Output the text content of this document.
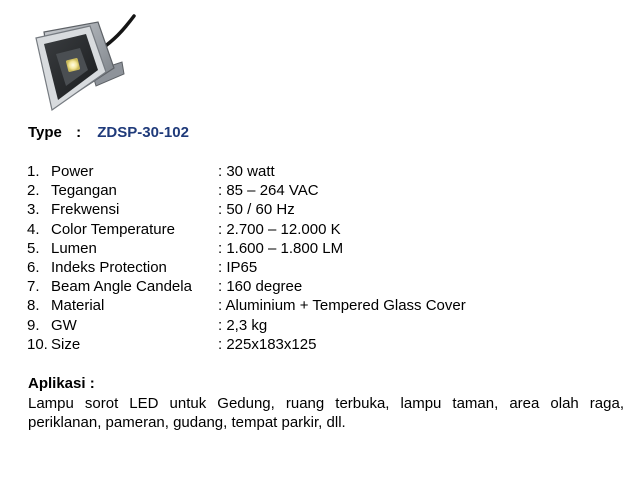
Type : ZDSP-30-102
1. Power	: 30 watt
2. Tegangan	: 85 – 264 VAC
3. Frekwensi	: 50 / 60 Hz
4. Color Temperature	: 2.700 – 12.000 K
5. Lumen	: 1.600 – 1.800 LM
6. Indeks Protection	: IP65
7. Beam Angle Candela : 160 degree
8. Material	: Aluminium + Tempered Glass Cover
9. GW	: 2,3 kg
10. Size	: 225x183x125
Aplikasi :
Lampu sorot LED untuk Gedung, ruang terbuka, lampu taman, area olah raga, periklanan, pameran, gudang, tempat parkir, dll.
